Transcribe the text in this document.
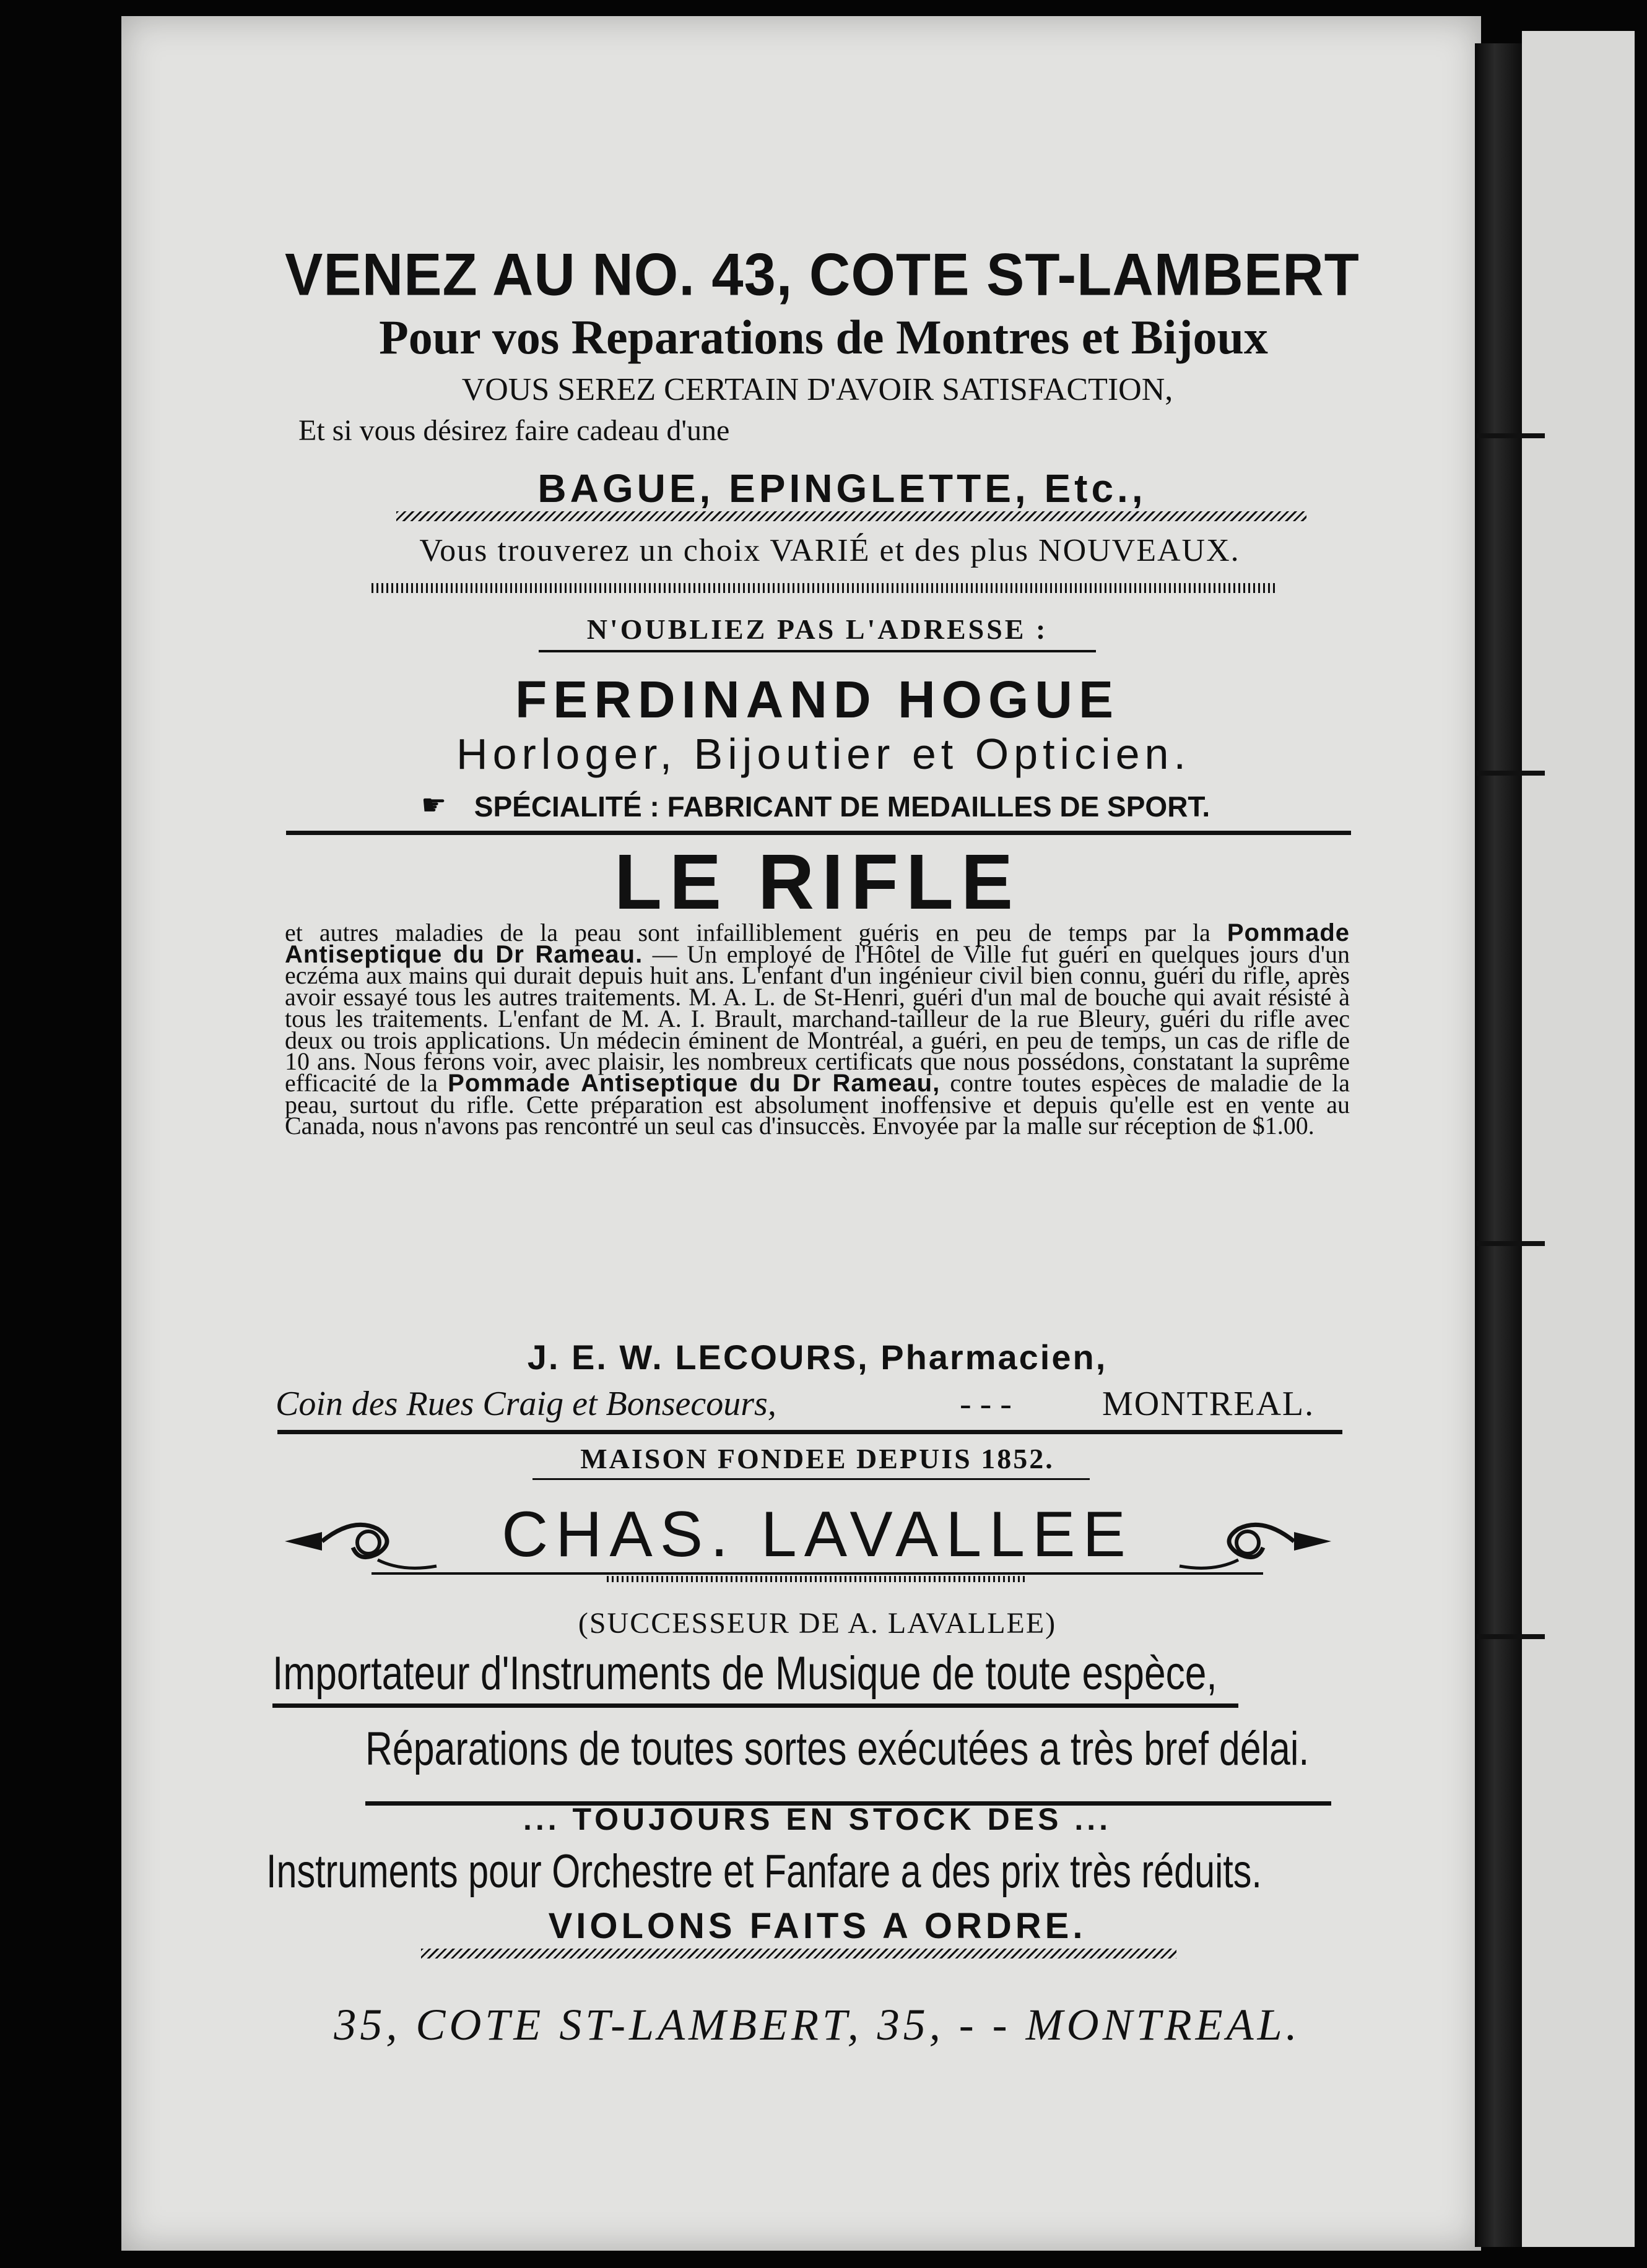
VENEZ AU NO. 43, COTE ST-LAMBERT
Pour vos Reparations de Montres et Bijoux
VOUS SEREZ CERTAIN D'AVOIR SATISFACTION,
Et si vous désirez faire cadeau d'une
BAGUE, EPINGLETTE, Etc.,
Vous trouverez un choix VARIÉ et des plus NOUVEAUX.
N'OUBLIEZ PAS L'ADRESSE :
FERDINAND HOGUE
Horloger, Bijoutier et Opticien.
☛ SPÉCIALITÉ : FABRICANT DE MEDAILLES DE SPORT.
LE RIFLE

et autres maladies de la peau sont infailliblement guéris en peu de temps par la Pommade Antiseptique du Dr Rameau. — Un employé de l'Hôtel de Ville fut guéri en quelques jours d'un eczéma aux mains qui durait depuis huit ans. L'enfant d'un ingénieur civil bien connu, guéri du rifle, après avoir essayé tous les autres traitements. M. A. L. de St-Henri, guéri d'un mal de bouche qui avait résisté à tous les traitements. L'enfant de M. A. I. Brault, marchand-tailleur de la rue Bleury, guéri du rifle avec deux ou trois applications. Un médecin éminent de Montréal, a guéri, en peu de temps, un cas de rifle de 10 ans. Nous ferons voir, avec plaisir, les nombreux certificats que nous possédons, constatant la suprême efficacité de la Pommade Antiseptique du Dr Rameau, contre toutes espèces de maladie de la peau, surtout du rifle. Cette préparation est absolument inoffensive et depuis qu'elle est en vente au Canada, nous n'avons pas rencontré un seul cas d'insuccès. Envoyée par la malle sur réception de $1.00.

J. E. W. LECOURS, Pharmacien,
Coin des Rues Craig et Bonsecours,	- - -	MONTREAL.
MAISON FONDEE DEPUIS 1852.
CHAS. LAVALLEE
(SUCCESSEUR DE A. LAVALLEE)
Importateur d'Instruments de Musique de toute espèce,
Réparations de toutes sortes exécutées a très bref délai.
... TOUJOURS EN STOCK DES ...
Instruments pour Orchestre et Fanfare a des prix très réduits.
VIOLONS FAITS A ORDRE.
35, COTE ST-LAMBERT, 35, - - MONTREAL.
